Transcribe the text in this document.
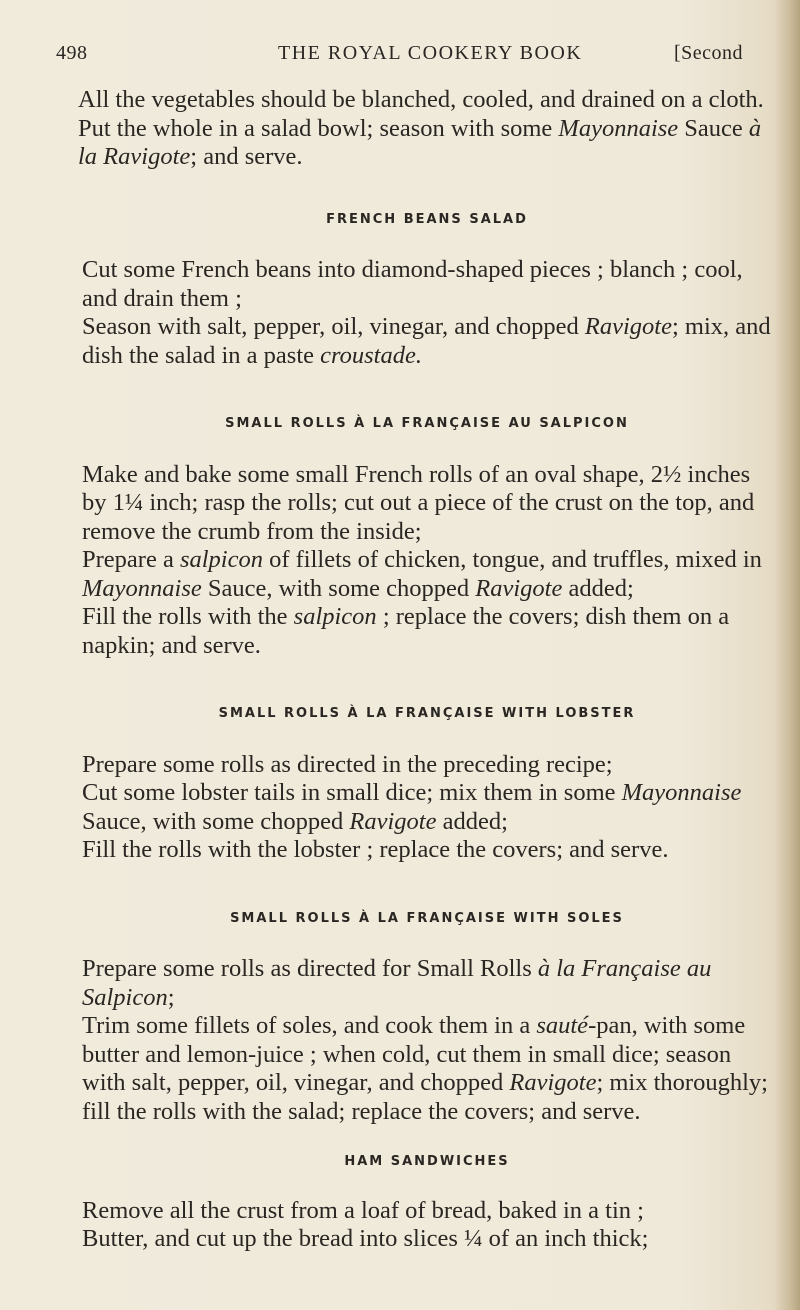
498	THE ROYAL COOKERY BOOK	[Second

All the vegetables should be blanched, cooled, and drained on a cloth.

Put the whole in a salad bowl; season with some Mayonnaise Sauce à la Ravigote; and serve.

FRENCH BEANS SALAD

Cut some French beans into diamond-shaped pieces ; blanch ; cool, and drain them ;

Season with salt, pepper, oil, vinegar, and chopped Ravigote; mix, and dish the salad in a paste croustade.

SMALL ROLLS À LA FRANÇAISE AU SALPICON

Make and bake some small French rolls of an oval shape, 2½ inches by 1¼ inch; rasp the rolls; cut out a piece of the crust on the top, and remove the crumb from the inside;

Prepare a salpicon of fillets of chicken, tongue, and truffles, mixed in Mayonnaise Sauce, with some chopped Ravigote added;

Fill the rolls with the salpicon ; replace the covers; dish them on a napkin; and serve.

SMALL ROLLS À LA FRANÇAISE WITH LOBSTER

Prepare some rolls as directed in the preceding recipe;

Cut some lobster tails in small dice; mix them in some Mayonnaise Sauce, with some chopped Ravigote added;

Fill the rolls with the lobster ; replace the covers; and serve.

SMALL ROLLS À LA FRANÇAISE WITH SOLES

Prepare some rolls as directed for Small Rolls à la Française au Salpicon;

Trim some fillets of soles, and cook them in a sauté-pan, with some butter and lemon-juice ; when cold, cut them in small dice; season with salt, pepper, oil, vinegar, and chopped Ravigote; mix thoroughly; fill the rolls with the salad; replace the covers; and serve.

HAM SANDWICHES

Remove all the crust from a loaf of bread, baked in a tin ;

Butter, and cut up the bread into slices ¼ of an inch thick;
